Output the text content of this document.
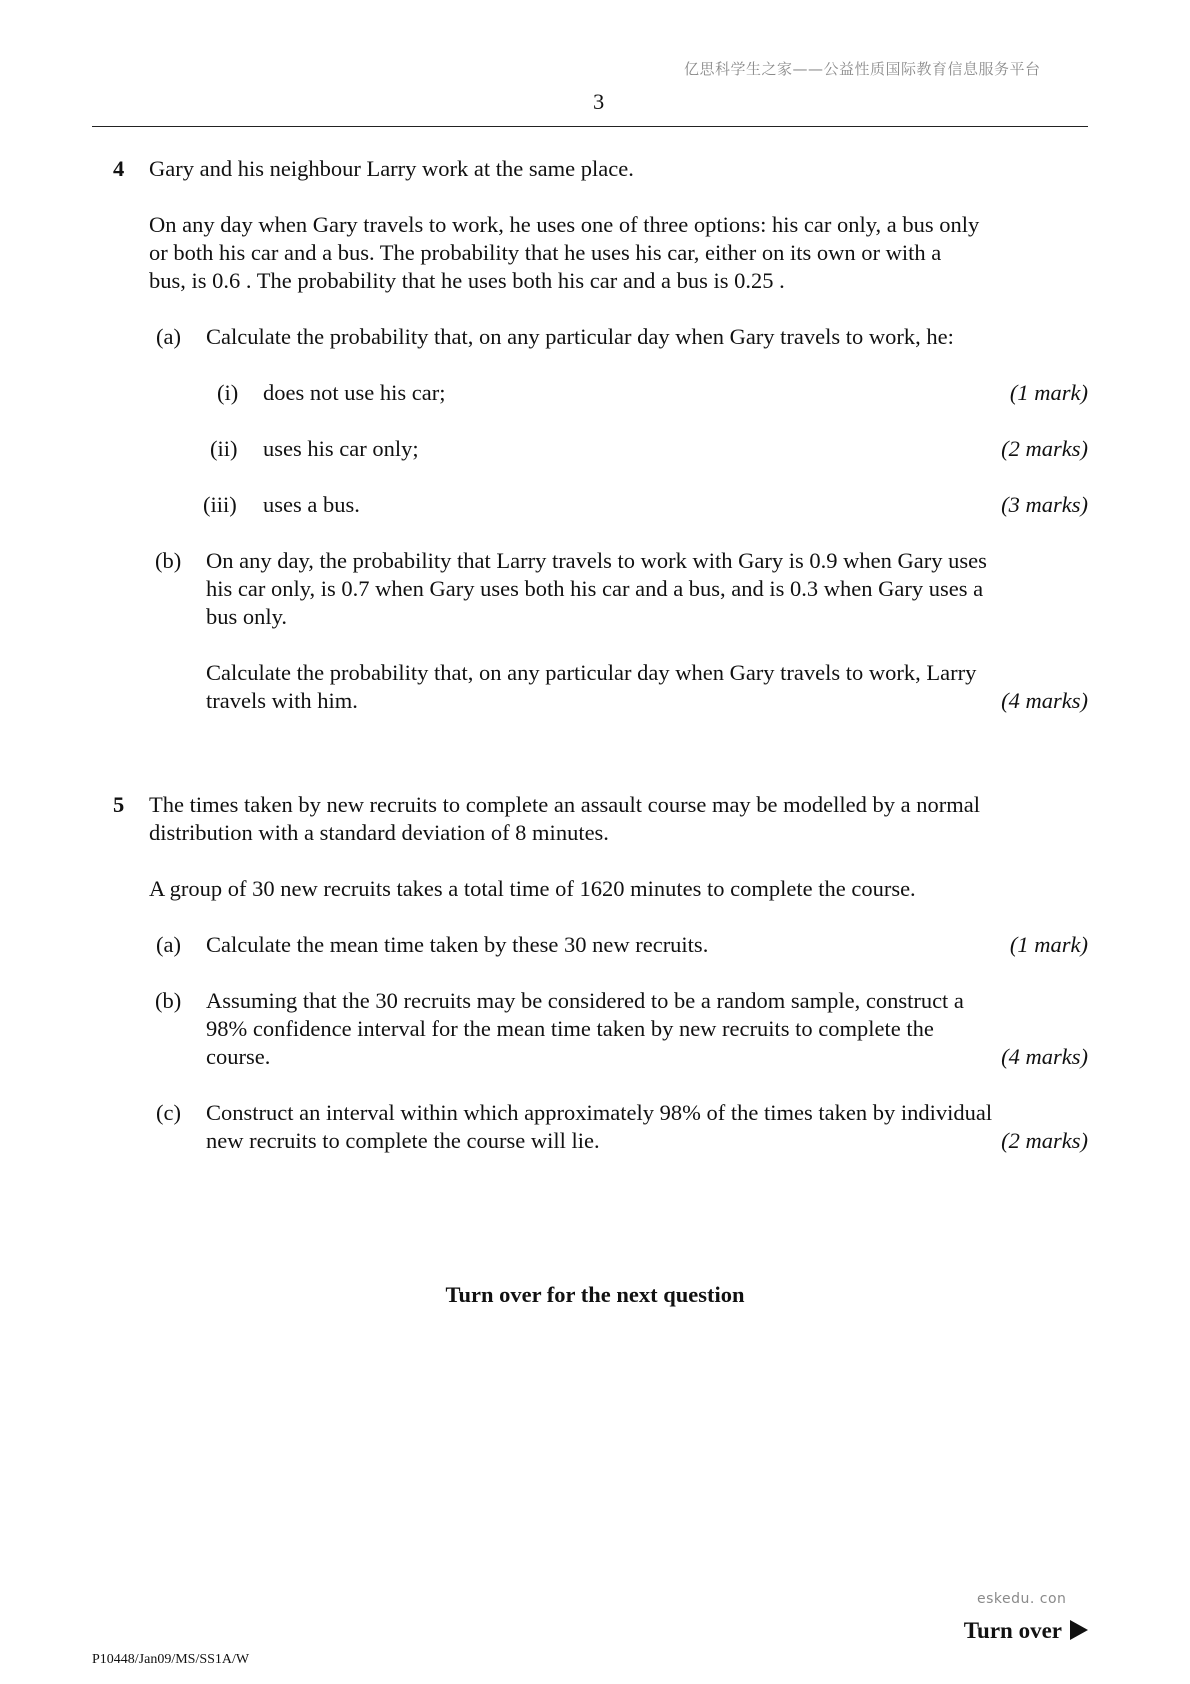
亿思科学生之家——公益性质国际教育信息服务平台
3
4 Gary and his neighbour Larry work at the same place.
On any day when Gary travels to work, he uses one of three options: his car only, a bus only
or both his car and a bus. The probability that he uses his car, either on its own or with a
bus, is 0.6 . The probability that he uses both his car and a bus is 0.25 .
(a) Calculate the probability that, on any particular day when Gary travels to work, he:
(i) does not use his car;	(1 mark)
(ii) uses his car only;	(2 marks)
(iii) uses a bus.	(3 marks)
(b) On any day, the probability that Larry travels to work with Gary is 0.9 when Gary uses
his car only, is 0.7 when Gary uses both his car and a bus, and is 0.3 when Gary uses a
bus only.
Calculate the probability that, on any particular day when Gary travels to work, Larry
travels with him.	(4 marks)
5 The times taken by new recruits to complete an assault course may be modelled by a normal
distribution with a standard deviation of 8 minutes.
A group of 30 new recruits takes a total time of 1620 minutes to complete the course.
(a) Calculate the mean time taken by these 30 new recruits.	(1 mark)
(b) Assuming that the 30 recruits may be considered to be a random sample, construct a
98% confidence interval for the mean time taken by new recruits to complete the
course.	(4 marks)
(c) Construct an interval within which approximately 98% of the times taken by individual
new recruits to complete the course will lie.	(2 marks)
Turn over for the next question
eskedu. con
Turn over
P10448/Jan09/MS/SS1A/W
